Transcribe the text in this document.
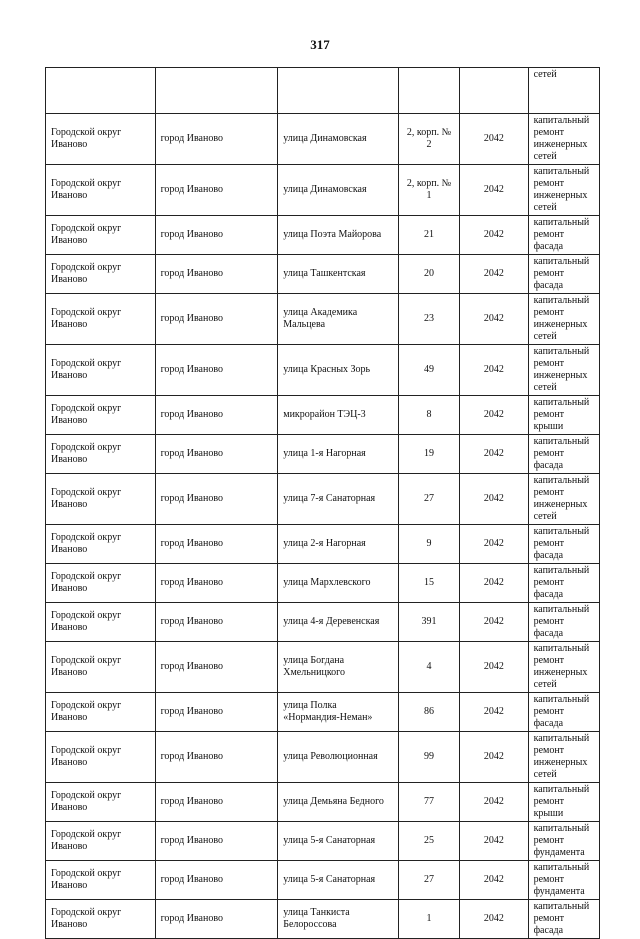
317
					сетей
Городской округ Иваново	город Иваново	улица Динамовская	2, корп. № 2	2042	капитальный ремонт инженерных сетей
Городской округ Иваново	город Иваново	улица Динамовская	2, корп. № 1	2042	капитальный ремонт инженерных сетей
Городской округ Иваново	город Иваново	улица Поэта Майорова	21	2042	капитальный ремонт фасада
Городской округ Иваново	город Иваново	улица Ташкентская	20	2042	капитальный ремонт фасада
Городской округ Иваново	город Иваново	улица Академика Мальцева	23	2042	капитальный ремонт инженерных сетей
Городской округ Иваново	город Иваново	улица Красных Зорь	49	2042	капитальный ремонт инженерных сетей
Городской округ Иваново	город Иваново	микрорайон ТЭЦ-3	8	2042	капитальный ремонт крыши
Городской округ Иваново	город Иваново	улица 1-я Нагорная	19	2042	капитальный ремонт фасада
Городской округ Иваново	город Иваново	улица 7-я Санаторная	27	2042	капитальный ремонт инженерных сетей
Городской округ Иваново	город Иваново	улица 2-я Нагорная	9	2042	капитальный ремонт фасада
Городской округ Иваново	город Иваново	улица Мархлевского	15	2042	капитальный ремонт фасада
Городской округ Иваново	город Иваново	улица 4-я Деревенская	391	2042	капитальный ремонт фасада
Городской округ Иваново	город Иваново	улица Богдана Хмельницкого	4	2042	капитальный ремонт инженерных сетей
Городской округ Иваново	город Иваново	улица Полка «Нормандия-Неман»	86	2042	капитальный ремонт фасада
Городской округ Иваново	город Иваново	улица Революционная	99	2042	капитальный ремонт инженерных сетей
Городской округ Иваново	город Иваново	улица Демьяна Бедного	77	2042	капитальный ремонт крыши
Городской округ Иваново	город Иваново	улица 5-я Санаторная	25	2042	капитальный ремонт фундамента
Городской округ Иваново	город Иваново	улица 5-я Санаторная	27	2042	капитальный ремонт фундамента
Городской округ Иваново	город Иваново	улица Танкиста Белороссова	1	2042	капитальный ремонт фасада
